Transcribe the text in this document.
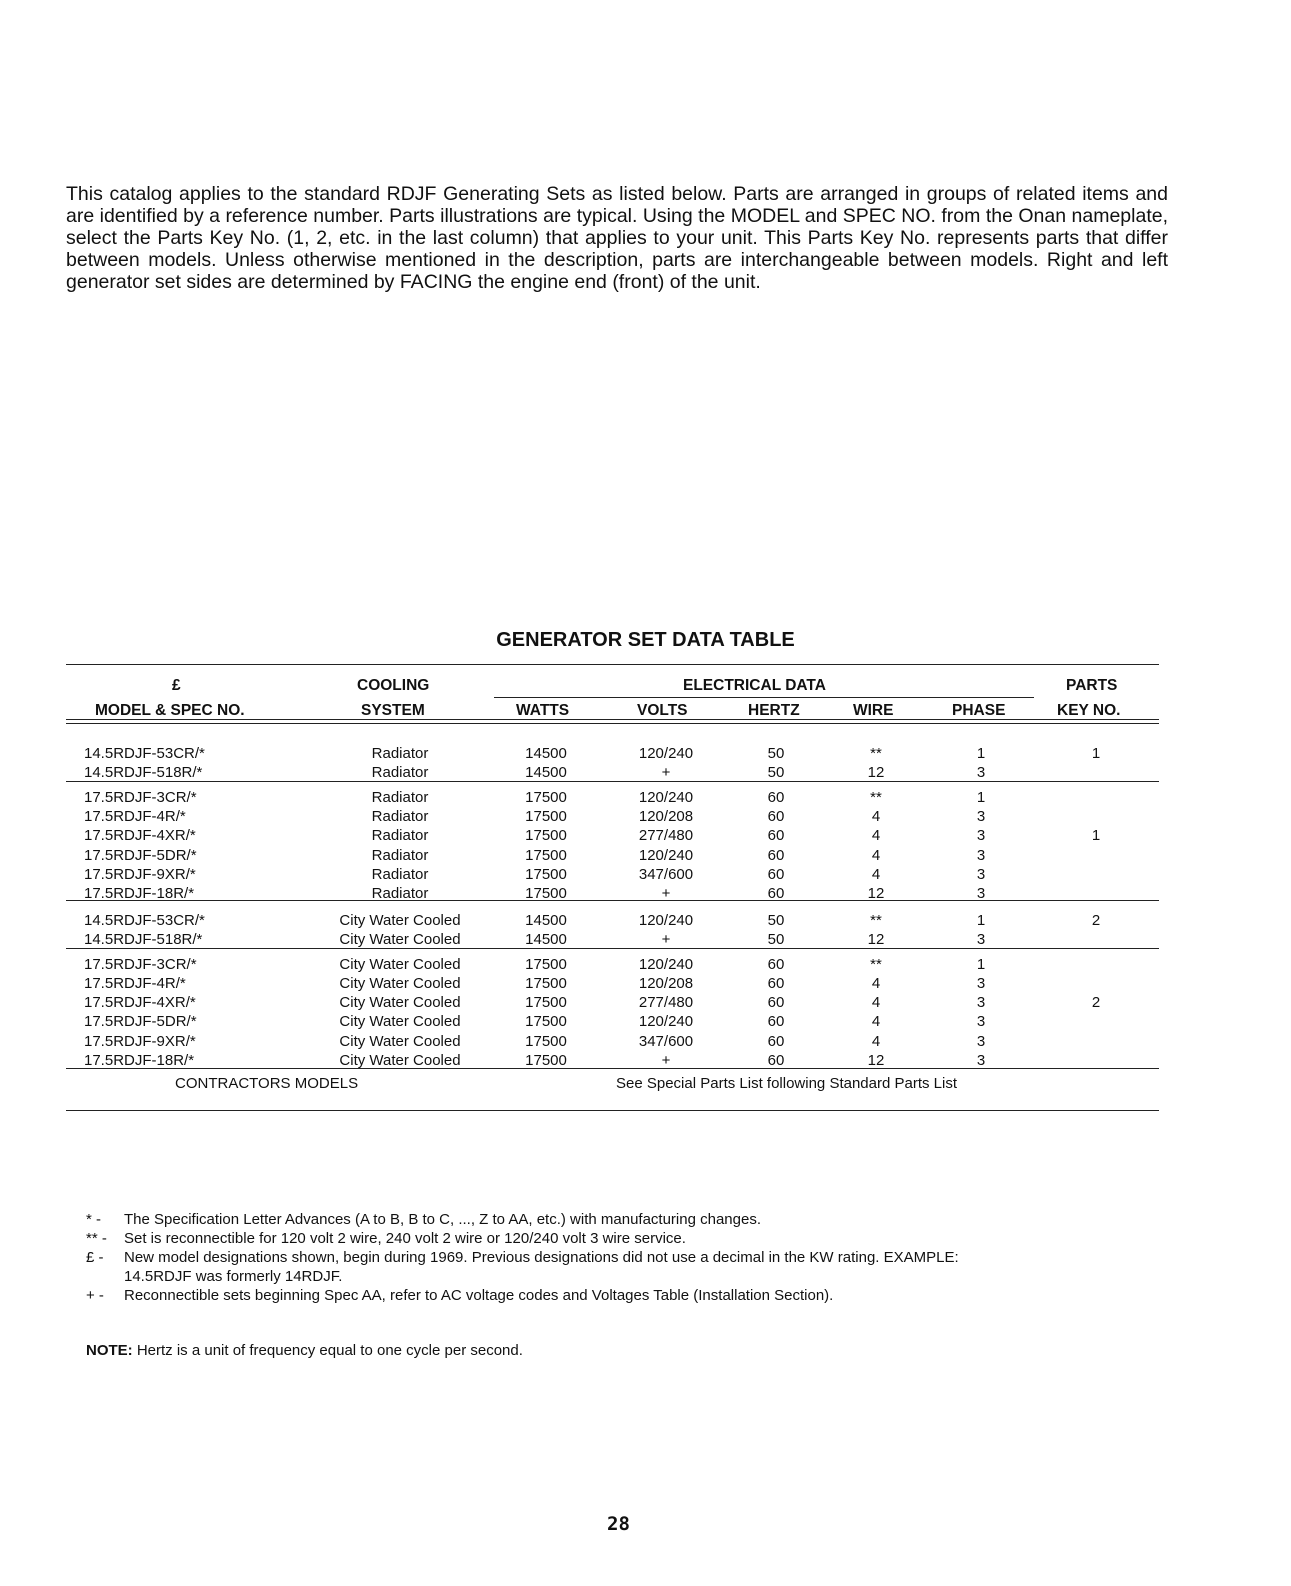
This catalog applies to the standard RDJF Generating Sets as listed below. Parts are arranged in groups of related items and are identified by a reference number. Parts illustrations are typical. Using the MODEL and SPEC NO. from the Onan nameplate, select the Parts Key No. (1, 2, etc. in the last column) that applies to your unit. This Parts Key No. represents parts that differ between models. Unless otherwise mentioned in the description, parts are interchangeable between models. Right and left generator set sides are determined by FACING the engine end (front) of the unit.

GENERATOR SET DATA TABLE
£
MODEL & SPEC NO.
COOLING
SYSTEM
ELECTRICAL DATA
WATTS	VOLTS	HERTZ	WIRE	PHASE
PARTS
KEY NO.
14.5RDJF-53CR/*	Radiator	14500	120/240	50	**	1	1
14.5RDJF-518R/*	Radiator	14500	+	50	12	3
17.5RDJF-3CR/*	Radiator	17500	120/240	60	**	1
17.5RDJF-4R/*	Radiator	17500	120/208	60	4	3
17.5RDJF-4XR/*	Radiator	17500	277/480	60	4	3	1
17.5RDJF-5DR/*	Radiator	17500	120/240	60	4	3
17.5RDJF-9XR/*	Radiator	17500	347/600	60	4	3
17.5RDJF-18R/*	Radiator	17500	+	60	12	3
14.5RDJF-53CR/*	City Water Cooled	14500	120/240	50	**	1	2
14.5RDJF-518R/*	City Water Cooled	14500	+	50	12	3
17.5RDJF-3CR/*	City Water Cooled	17500	120/240	60	**	1
17.5RDJF-4R/*	City Water Cooled	17500	120/208	60	4	3
17.5RDJF-4XR/*	City Water Cooled	17500	277/480	60	4	3	2
17.5RDJF-5DR/*	City Water Cooled	17500	120/240	60	4	3
17.5RDJF-9XR/*	City Water Cooled	17500	347/600	60	4	3
17.5RDJF-18R/*	City Water Cooled	17500	+	60	12	3
CONTRACTORS MODELS	See Special Parts List following Standard Parts List
* -	The Specification Letter Advances (A to B, B to C, ..., Z to AA, etc.) with manufacturing changes.
** -	Set is reconnectible for 120 volt 2 wire, 240 volt 2 wire or 120/240 volt 3 wire service.
£ -	New model designations shown, begin during 1969. Previous designations did not use a decimal in the KW rating. EXAMPLE: 14.5RDJF was formerly 14RDJF.
+ -	Reconnectible sets beginning Spec AA, refer to AC voltage codes and Voltages Table (Installation Section).
NOTE: Hertz is a unit of frequency equal to one cycle per second.
28
